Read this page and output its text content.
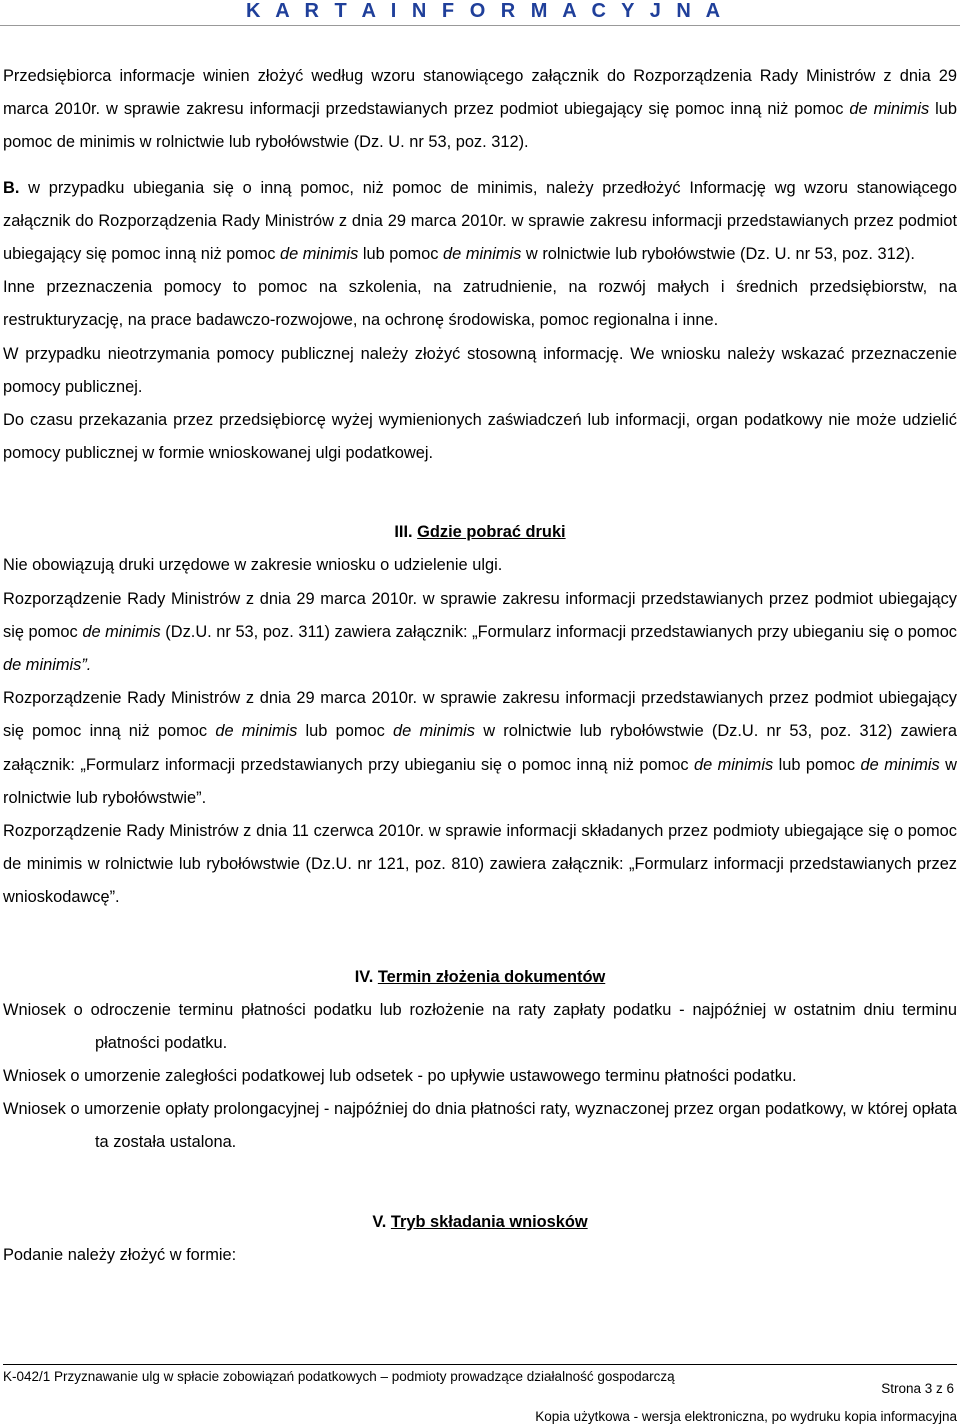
K A R T A I N F O R M A C Y J N A

Przedsiębiorca informacje winien złożyć według wzoru stanowiącego załącznik do Rozporządzenia Rady Ministrów z dnia 29 marca 2010r. w sprawie zakresu informacji przedstawianych przez podmiot ubiegający się pomoc inną niż pomoc de minimis lub pomoc de minimis w rolnictwie lub rybołówstwie (Dz. U. nr 53, poz. 312).

B. w przypadku ubiegania się o inną pomoc, niż pomoc de minimis, należy przedłożyć Informację wg wzoru stanowiącego załącznik do Rozporządzenia Rady Ministrów z dnia 29 marca 2010r. w sprawie zakresu informacji przedstawianych przez podmiot ubiegający się pomoc inną niż pomoc de minimis lub pomoc de minimis w rolnictwie lub rybołówstwie (Dz. U. nr 53, poz. 312).

Inne przeznaczenia pomocy to pomoc na szkolenia, na zatrudnienie, na rozwój małych i średnich przedsiębiorstw, na restrukturyzację, na prace badawczo-rozwojowe, na ochronę środowiska, pomoc regionalna i inne.

W przypadku nieotrzymania pomocy publicznej należy złożyć stosowną informację. We wniosku należy wskazać przeznaczenie pomocy publicznej.

Do czasu przekazania przez przedsiębiorcę wyżej wymienionych zaświadczeń lub informacji, organ podatkowy nie może udzielić pomocy publicznej w formie wnioskowanej ulgi podatkowej.

III. Gdzie pobrać druki

Nie obowiązują druki urzędowe w zakresie wniosku o udzielenie ulgi.

Rozporządzenie Rady Ministrów z dnia 29 marca 2010r. w sprawie zakresu informacji przedstawianych przez podmiot ubiegający się pomoc de minimis (Dz.U. nr 53, poz. 311) zawiera załącznik: „Formularz informacji przedstawianych przy ubieganiu się o pomoc de minimis”.

Rozporządzenie Rady Ministrów z dnia 29 marca 2010r. w sprawie zakresu informacji przedstawianych przez podmiot ubiegający się pomoc inną niż pomoc de minimis lub pomoc de minimis w rolnictwie lub rybołówstwie (Dz.U. nr 53, poz. 312) zawiera załącznik: „Formularz informacji przedstawianych przy ubieganiu się o pomoc inną niż pomoc de minimis lub pomoc de minimis w rolnictwie lub rybołówstwie”.

Rozporządzenie Rady Ministrów z dnia 11 czerwca 2010r. w sprawie informacji składanych przez podmioty ubiegające się o pomoc de minimis w rolnictwie lub rybołówstwie (Dz.U. nr 121, poz. 810) zawiera załącznik: „Formularz informacji przedstawianych przez wnioskodawcę”.

IV. Termin złożenia dokumentów

Wniosek o odroczenie terminu płatności podatku lub rozłożenie na raty zapłaty podatku - najpóźniej w ostatnim dniu terminu płatności podatku.

Wniosek o umorzenie zaległości podatkowej lub odsetek - po upływie ustawowego terminu płatności podatku.

Wniosek o umorzenie opłaty prolongacyjnej - najpóźniej do dnia płatności raty, wyznaczonej przez organ podatkowy, w której opłata ta została ustalona.

V. Tryb składania wniosków

Podanie należy złożyć w formie:

K-042/1 Przyznawanie ulg w spłacie zobowiązań podatkowych – podmioty prowadzące działalność gospodarczą
Strona 3 z 6
Kopia użytkowa - wersja elektroniczna, po wydruku kopia informacyjna
